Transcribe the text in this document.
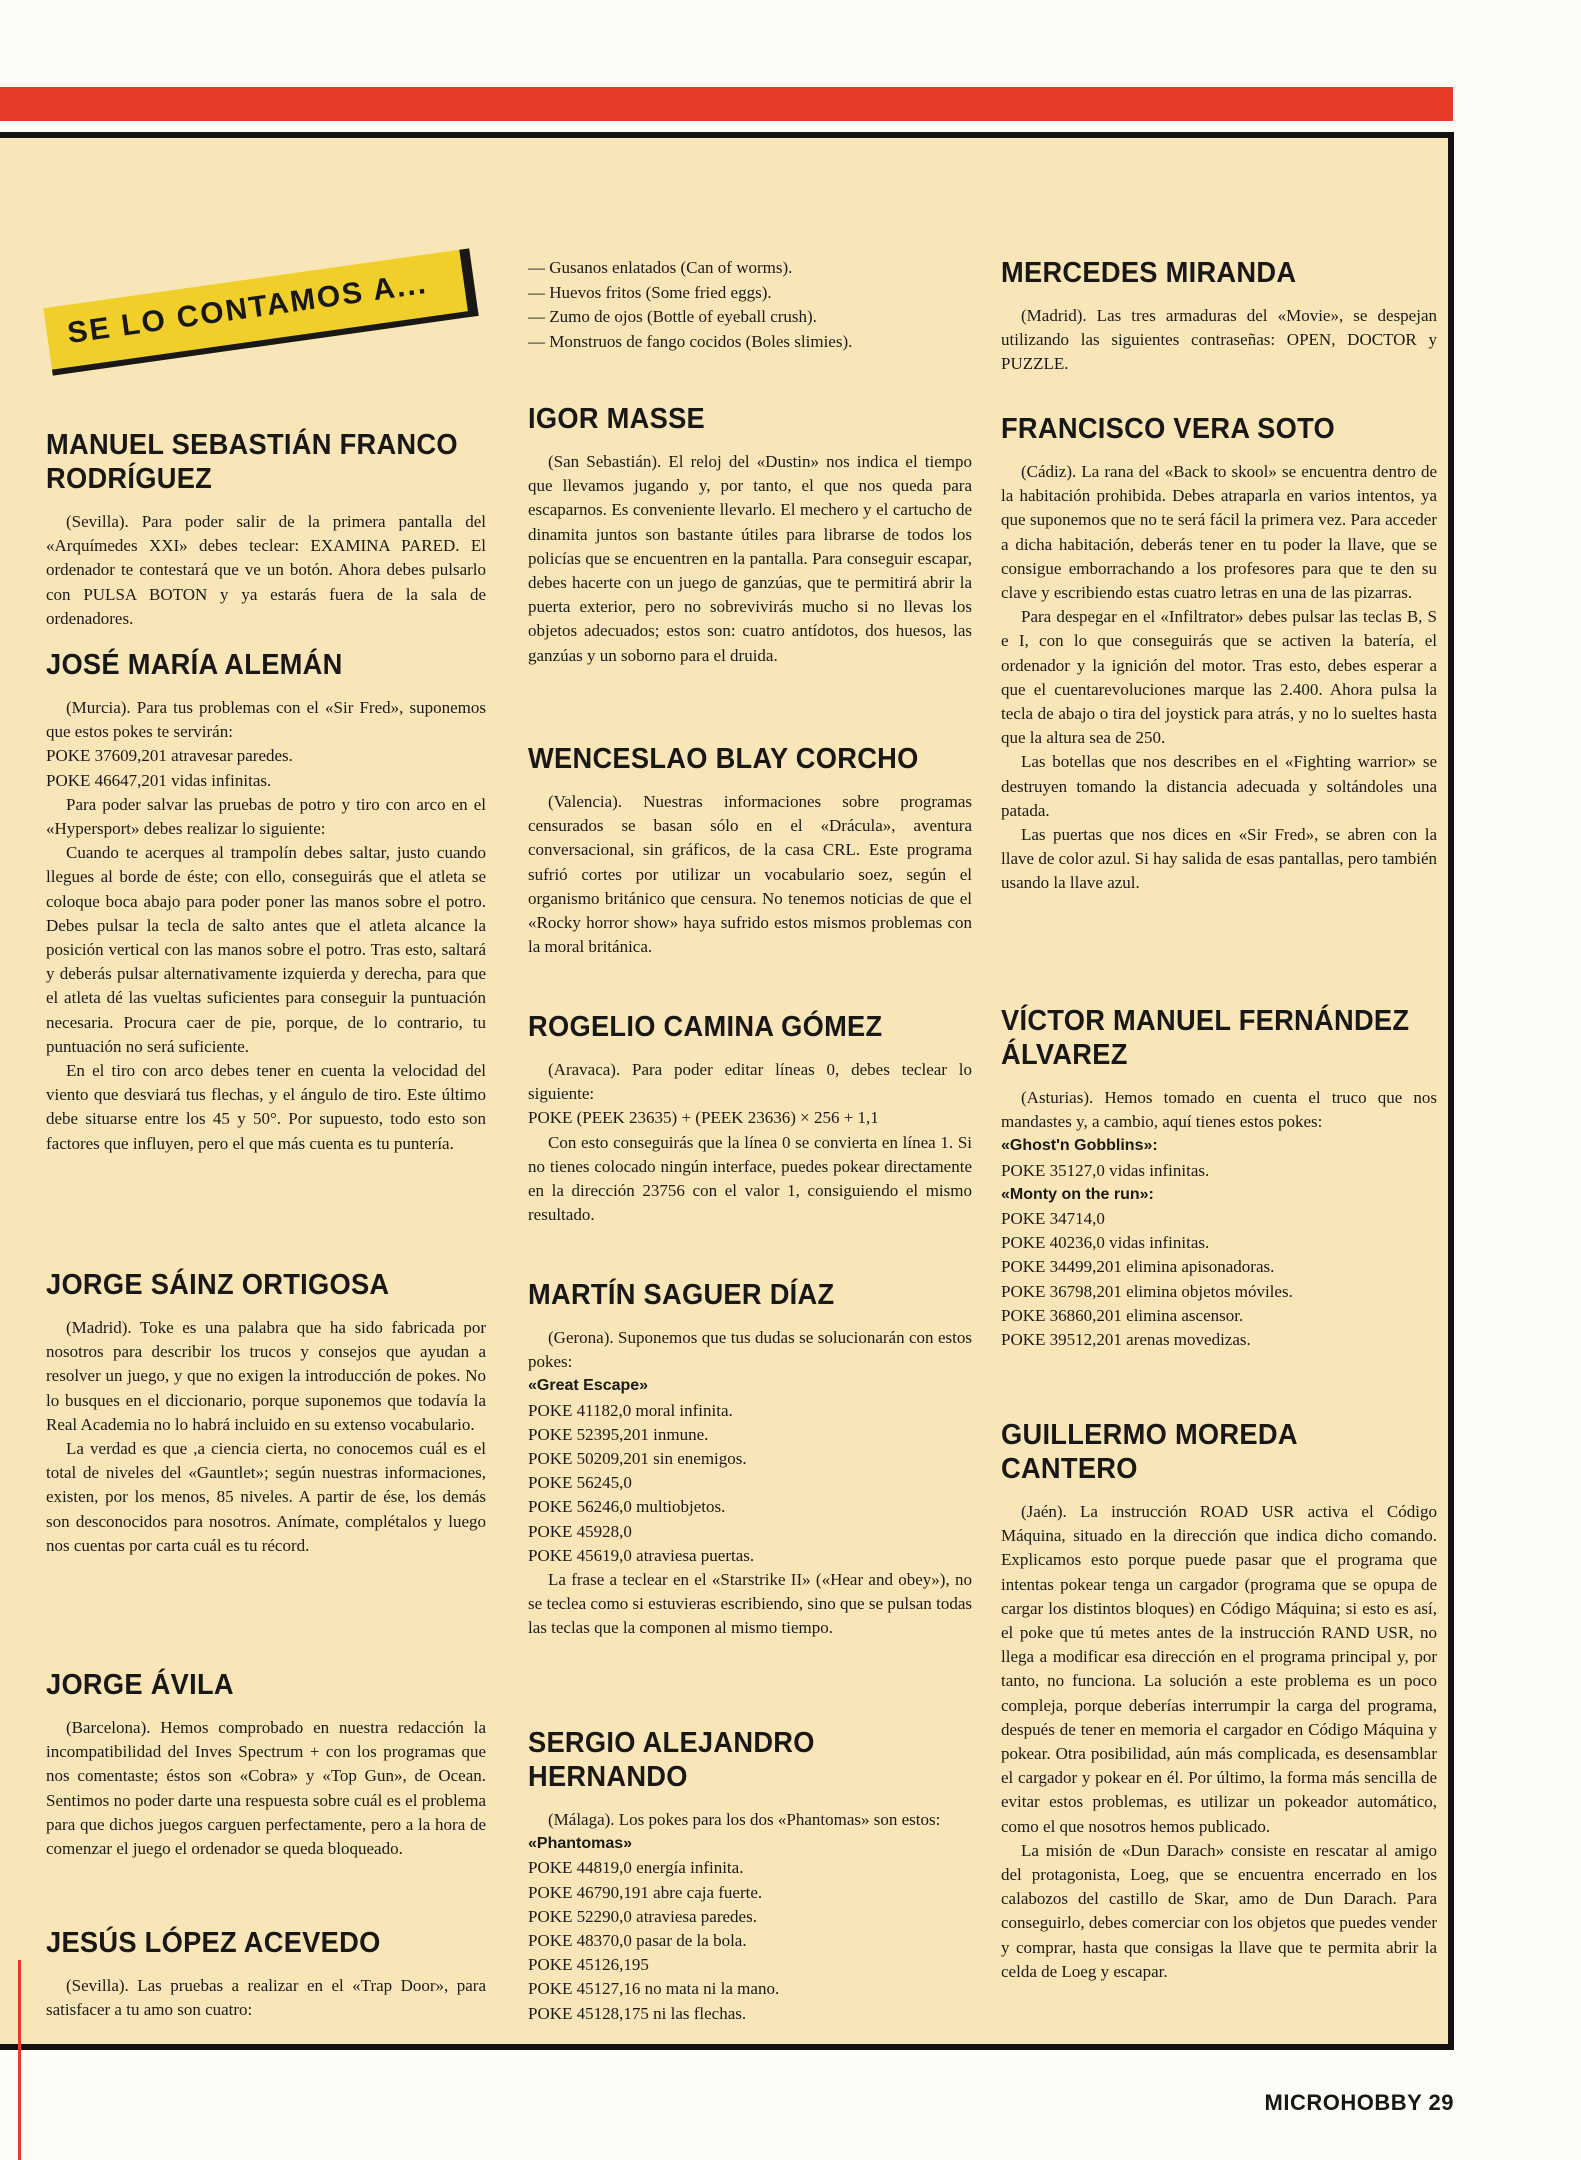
MANUEL SEBASTIÁN FRANCO RODRÍGUEZ

(Sevilla). Para poder salir de la primera pantalla del «Arquímedes XXI» debes teclear: EXAMINA PARED. El ordenador te contestará que ve un botón. Ahora debes pulsarlo con PULSA BOTON y ya estarás fuera de la sala de ordenadores.

JOSÉ MARÍA ALEMÁN

(Murcia). Para tus problemas con el «Sir Fred», suponemos que estos pokes te servirán:

POKE 37609,201 atravesar paredes.
POKE 46647,201 vidas infinitas.

Para poder salvar las pruebas de potro y tiro con arco en el «Hypersport» debes realizar lo siguiente:

Cuando te acerques al trampolín debes saltar, justo cuando llegues al borde de éste; con ello, conseguirás que el atleta se coloque boca abajo para poder poner las manos sobre el potro. Debes pulsar la tecla de salto antes que el atleta alcance la posición vertical con las manos sobre el potro. Tras esto, saltará y deberás pulsar alternativamente izquierda y derecha, para que el atleta dé las vueltas suficientes para conseguir la puntuación necesaria. Procura caer de pie, porque, de lo contrario, tu puntuación no será suficiente.

En el tiro con arco debes tener en cuenta la velocidad del viento que desviará tus flechas, y el ángulo de tiro. Este último debe situarse entre los 45 y 50°. Por supuesto, todo esto son factores que influyen, pero el que más cuenta es tu puntería.

JORGE SÁINZ ORTIGOSA

(Madrid). Toke es una palabra que ha sido fabricada por nosotros para describir los trucos y consejos que ayudan a resolver un juego, y que no exigen la introducción de pokes. No lo busques en el diccionario, porque suponemos que todavía la Real Academia no lo habrá incluido en su extenso vocabulario.

La verdad es que ,a ciencia cierta, no conocemos cuál es el total de niveles del «Gauntlet»; según nuestras informaciones, existen, por los menos, 85 niveles. A partir de ése, los demás son desconocidos para nosotros. Anímate, complétalos y luego nos cuentas por carta cuál es tu récord.

JORGE ÁVILA

(Barcelona). Hemos comprobado en nuestra redacción la incompatibilidad del Inves Spectrum + con los programas que nos comentaste; éstos son «Cobra» y «Top Gun», de Ocean. Sentimos no poder darte una respuesta sobre cuál es el problema para que dichos juegos carguen perfectamente, pero a la hora de comenzar el juego el ordenador se queda bloqueado.

JESÚS LÓPEZ ACEVEDO

(Sevilla). Las pruebas a realizar en el «Trap Door», para satisfacer a tu amo son cuatro:

— Gusanos enlatados (Can of worms).
— Huevos fritos (Some fried eggs).
— Zumo de ojos (Bottle of eyeball crush).
— Monstruos de fango cocidos (Boles slimies).
IGOR MASSE

(San Sebastián). El reloj del «Dustin» nos indica el tiempo que llevamos jugando y, por tanto, el que nos queda para escaparnos. Es conveniente llevarlo. El mechero y el cartucho de dinamita juntos son bastante útiles para librarse de todos los policías que se encuentren en la pantalla. Para conseguir escapar, debes hacerte con un juego de ganzúas, que te permitirá abrir la puerta exterior, pero no sobrevivirás mucho si no llevas los objetos adecuados; estos son: cuatro antídotos, dos huesos, las ganzúas y un soborno para el druida.

WENCESLAO BLAY CORCHO

(Valencia). Nuestras informaciones sobre programas censurados se basan sólo en el «Drácula», aventura conversacional, sin gráficos, de la casa CRL. Este programa sufrió cortes por utilizar un vocabulario soez, según el organismo británico que censura. No tenemos noticias de que el «Rocky horror show» haya sufrido estos mismos problemas con la moral británica.

ROGELIO CAMINA GÓMEZ

(Aravaca). Para poder editar líneas 0, debes teclear lo siguiente:

POKE (PEEK 23635) + (PEEK 23636) × 256 + 1,1

Con esto conseguirás que la línea 0 se convierta en línea 1. Si no tienes colocado ningún interface, puedes pokear directamente en la dirección 23756 con el valor 1, consiguiendo el mismo resultado.

MARTÍN SAGUER DÍAZ

(Gerona). Suponemos que tus dudas se solucionarán con estos pokes:

«Great Escape»
POKE 41182,0 moral infinita.
POKE 52395,201 inmune.
POKE 50209,201 sin enemigos.
POKE 56245,0
POKE 56246,0 multiobjetos.
POKE 45928,0
POKE 45619,0 atraviesa puertas.

La frase a teclear en el «Starstrike II» («Hear and obey»), no se teclea como si estuvieras escribiendo, sino que se pulsan todas las teclas que la componen al mismo tiempo.

SERGIO ALEJANDRO HERNANDO

(Málaga). Los pokes para los dos «Phantomas» son estos:

«Phantomas»
POKE 44819,0 energía infinita.
POKE 46790,191 abre caja fuerte.
POKE 52290,0 atraviesa paredes.
POKE 48370,0 pasar de la bola.
POKE 45126,195
POKE 45127,16 no mata ni la mano.
POKE 45128,175 ni las flechas.
MERCEDES MIRANDA

(Madrid). Las tres armaduras del «Movie», se despejan utilizando las siguientes contraseñas: OPEN, DOCTOR y PUZZLE.

FRANCISCO VERA SOTO

(Cádiz). La rana del «Back to skool» se encuentra dentro de la habitación prohibida. Debes atraparla en varios intentos, ya que suponemos que no te será fácil la primera vez. Para acceder a dicha habitación, deberás tener en tu poder la llave, que se consigue emborrachando a los profesores para que te den su clave y escribiendo estas cuatro letras en una de las pizarras.

Para despegar en el «Infiltrator» debes pulsar las teclas B, S e I, con lo que conseguirás que se activen la batería, el ordenador y la ignición del motor. Tras esto, debes esperar a que el cuentarevoluciones marque las 2.400. Ahora pulsa la tecla de abajo o tira del joystick para atrás, y no lo sueltes hasta que la altura sea de 250.

Las botellas que nos describes en el «Fighting warrior» se destruyen tomando la distancia adecuada y soltándoles una patada.

Las puertas que nos dices en «Sir Fred», se abren con la llave de color azul. Si hay salida de esas pantallas, pero también usando la llave azul.

VÍCTOR MANUEL FERNÁNDEZ ÁLVAREZ

(Asturias). Hemos tomado en cuenta el truco que nos mandastes y, a cambio, aquí tienes estos pokes:

«Ghost'n Gobblins»:
POKE 35127,0 vidas infinitas.
«Monty on the run»:
POKE 34714,0
POKE 40236,0 vidas infinitas.
POKE 34499,201 elimina apisonadoras.
POKE 36798,201 elimina objetos móviles.
POKE 36860,201 elimina ascensor.
POKE 39512,201 arenas movedizas.
GUILLERMO MOREDA CANTERO

(Jaén). La instrucción ROAD USR activa el Código Máquina, situado en la dirección que indica dicho comando. Explicamos esto porque puede pasar que el programa que intentas pokear tenga un cargador (programa que se opupa de cargar los distintos bloques) en Código Máquina; si esto es así, el poke que tú metes antes de la instrucción RAND USR, no llega a modificar esa dirección en el programa principal y, por tanto, no funciona. La solución a este problema es un poco compleja, porque deberías interrumpir la carga del programa, después de tener en memoria el cargador en Código Máquina y pokear. Otra posibilidad, aún más complicada, es desensamblar el cargador y pokear en él. Por último, la forma más sencilla de evitar estos problemas, es utilizar un pokeador automático, como el que nosotros hemos publicado.

La misión de «Dun Darach» consiste en rescatar al amigo del protagonista, Loeg, que se encuentra encerrado en los calabozos del castillo de Skar, amo de Dun Darach. Para conseguirlo, debes comerciar con los objetos que puedes vender y comprar, hasta que consigas la llave que te permita abrir la celda de Loeg y escapar.

SE LO CONTAMOS A...
MICROHOBBY 29
